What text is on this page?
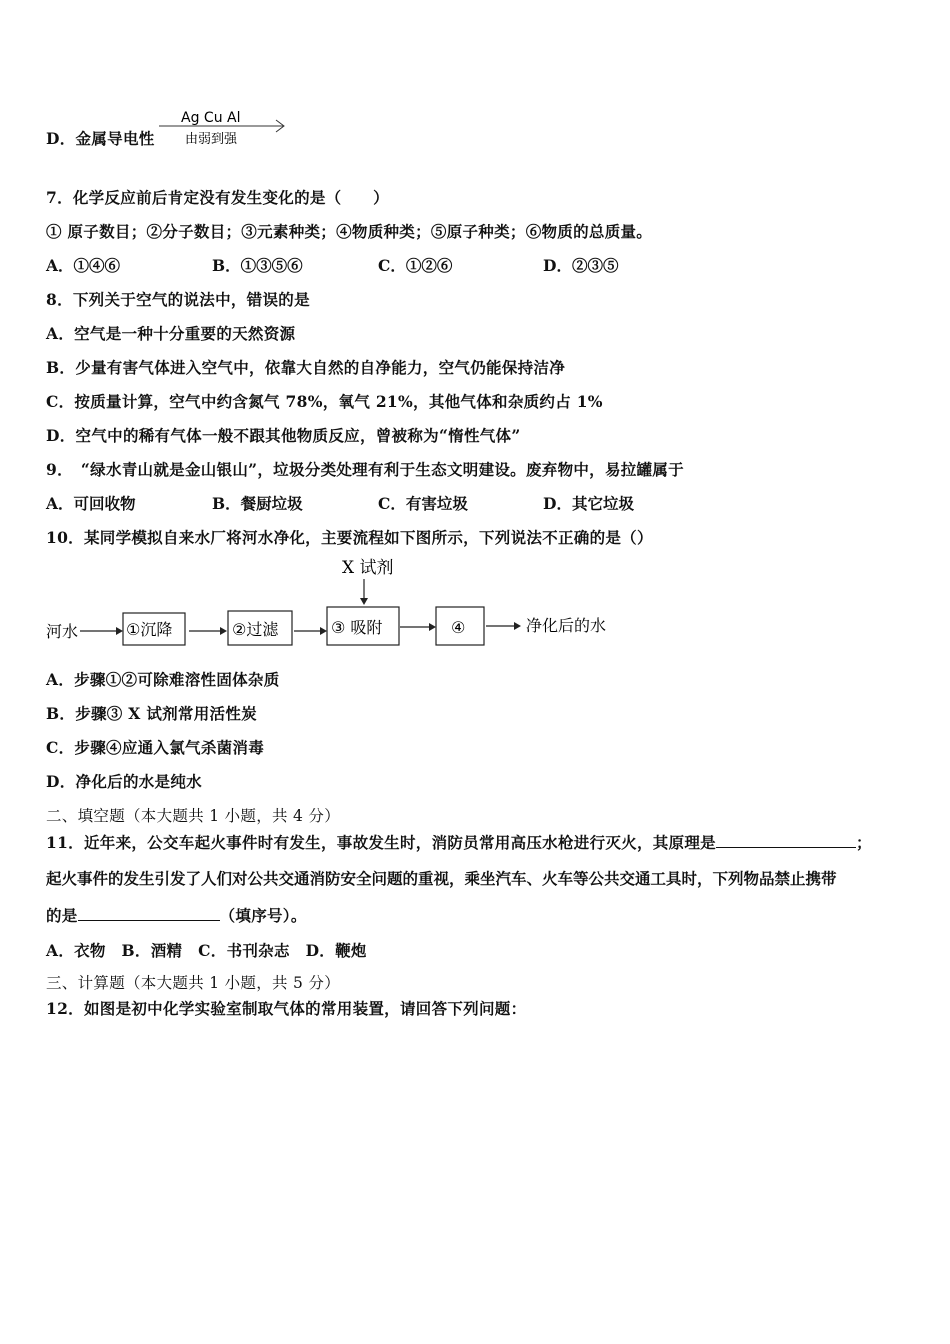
D．金属导电性
Ag Cu Al
由弱到强
7．化学反应前后肯定没有发生变化的是（　　）
① 原子数目；②分子数目；③元素种类；④物质种类；⑤原子种类；⑥物质的总质量。
A．①④⑥	B．①③⑤⑥	C．①②⑥	D．②③⑤
8．下列关于空气的说法中，错误的是
A．空气是一种十分重要的天然资源
B．少量有害气体进入空气中，依靠大自然的自净能力，空气仍能保持洁净
C．按质量计算，空气中约含氮气 78%，氧气 21%，其他气体和杂质约占 1%
D．空气中的稀有气体一般不跟其他物质反应，曾被称为“惰性气体”
9．　“绿水青山就是金山银山”，垃圾分类处理有利于生态文明建设。废弃物中，易拉罐属于
A．可回收物	B．餐厨垃圾	C．有害垃圾	D．其它垃圾
10．某同学模拟自来水厂将河水净化，主要流程如下图所示，下列说法不正确的是（）
X 试剂
河水	①沉降	②过滤	③ 吸附	④	净化后的水
A．步骤①②可除难溶性固体杂质
B．步骤③ X 试剂常用活性炭
C．步骤④应通入氯气杀菌消毒
D．净化后的水是纯水
二、填空题（本大题共 1 小题，共 4 分）
11．近年来，公交车起火事件时有发生，事故发生时，消防员常用高压水枪进行灭火，其原理是	；
起火事件的发生引发了人们对公共交通消防安全问题的重视，乘坐汽车、火车等公共交通工具时，下列物品禁止携带
的是	（填序号）。
A．衣物　B．酒精　C．书刊杂志　D．鞭炮
三、计算题（本大题共 1 小题，共 5 分）
12．如图是初中化学实验室制取气体的常用装置，请回答下列问题：
